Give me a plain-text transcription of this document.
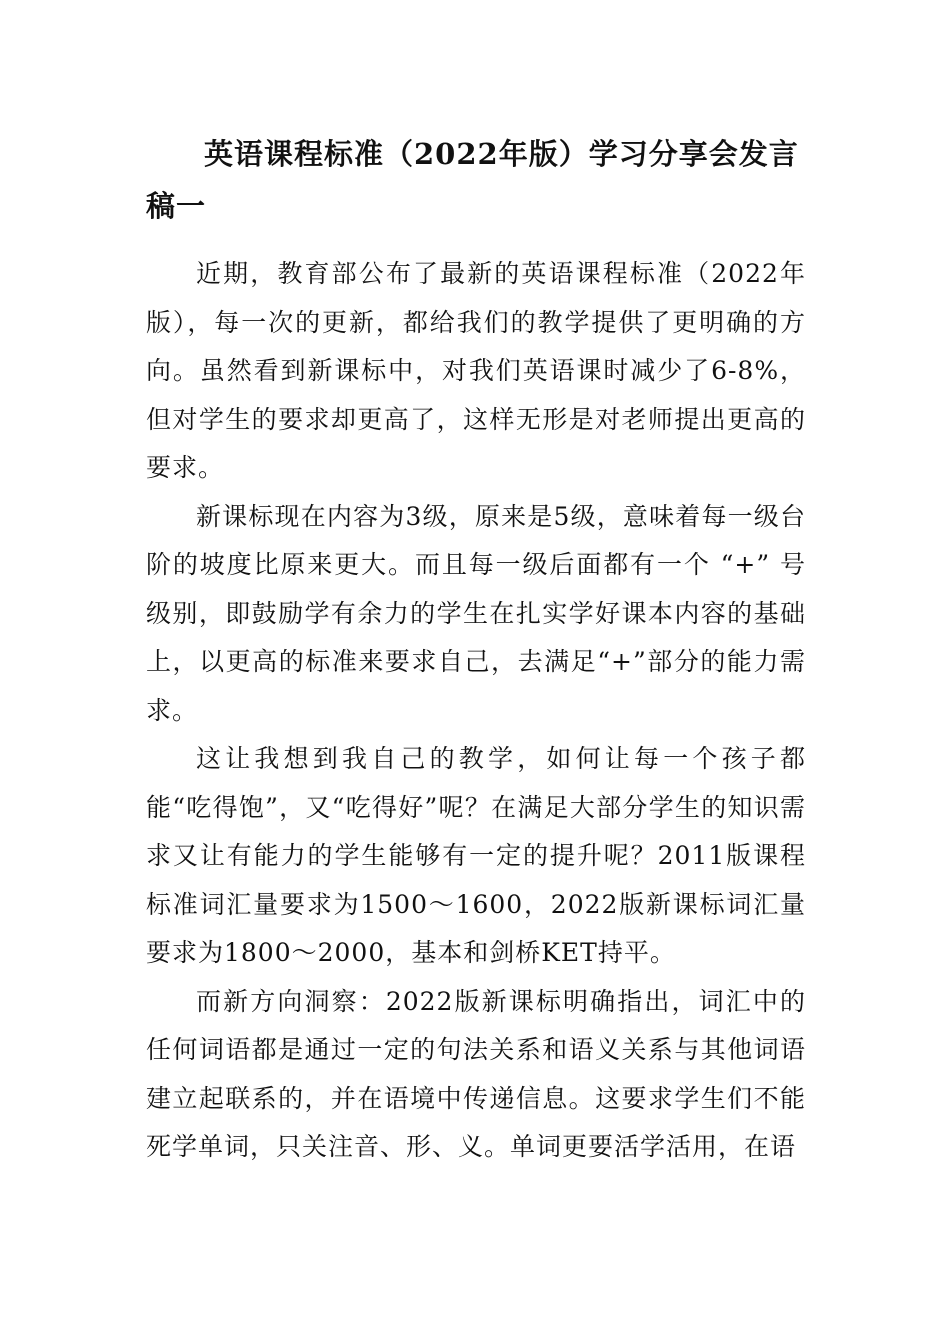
英语课程标准（2022年版）学习分享会发言稿一

近期，教育部公布了最新的英语课程标准（2022年版），每一次的更新，都给我们的教学提供了更明确的方向。虽然看到新课标中，对我们英语课时减少了6-8%，但对学生的要求却更高了，这样无形是对老师提出更高的要求。

新课标现在内容为3级，原来是5级，意味着每一级台阶的坡度比原来更大。而且每一级后面都有一个 “+” 号级别，即鼓励学有余力的学生在扎实学好课本内容的基础上，以更高的标准来要求自己，去满足“+”部分的能力需求。

这让我想到我自己的教学，如何让每一个孩子都能“吃得饱”，又“吃得好”呢？在满足大部分学生的知识需求又让有能力的学生能够有一定的提升呢？2011版课程标准词汇量要求为1500～1600，2022版新课标词汇量要求为1800～2000，基本和剑桥KET持平。

而新方向洞察：2022版新课标明确指出，词汇中的任何词语都是通过一定的句法关系和语义关系与其他词语建立起联系的，并在语境中传递信息。这要求学生们不能死学单词，只关注音、形、义。单词更要活学活用，在语
